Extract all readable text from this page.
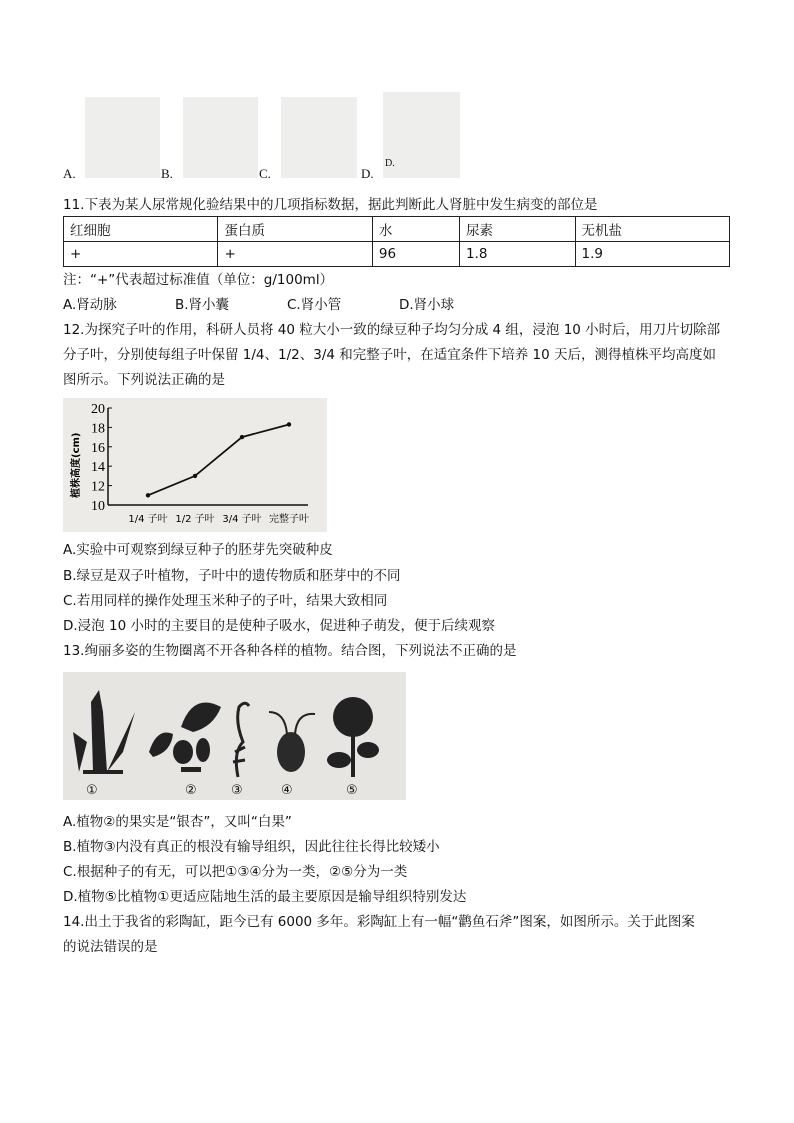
D.
A.	B.	C.	D.
11.下表为某人尿常规化验结果中的几项指标数据，据此判断此人肾脏中发生病变的部位是
红细胞	蛋白质	水	尿素	无机盐
+	+	96	1.8	1.9
注：“+”代表超过标准值（单位：g/100ml）
A.肾动脉	B.肾小囊	C.肾小管	D.肾小球
12.为探究子叶的作用，科研人员将 40 粒大小一致的绿豆种子均匀分成 4 组，浸泡 10 小时后，用刀片切除部
分子叶，分别使每组子叶保留 1/4、1/2、3/4 和完整子叶，在适宜条件下培养 10 天后，测得植株平均高度如
图所示。下列说法正确的是
10
12
14
16
18
20
1/4 子叶 1/2 子叶 3/4 子叶 完整子叶
植株高度(cm)
A.实验中可观察到绿豆种子的胚芽先突破种皮
B.绿豆是双子叶植物，子叶中的遗传物质和胚芽中的不同
C.若用同样的操作处理玉米种子的子叶，结果大致相同
D.浸泡 10 小时的主要目的是使种子吸水，促进种子萌发，便于后续观察
13.绚丽多姿的生物圈离不开各种各样的植物。结合图，下列说法不正确的是
①	②	③	④	⑤
A.植物②的果实是“银杏”，又叫“白果”
B.植物③内没有真正的根没有输导组织，因此往往长得比较矮小
C.根据种子的有无，可以把①③④分为一类，②⑤分为一类
D.植物⑤比植物①更适应陆地生活的最主要原因是输导组织特别发达
14.出土于我省的彩陶缸，距今已有 6000 多年。彩陶缸上有一幅“鹳鱼石斧”图案，如图所示。关于此图案
的说法错误的是
